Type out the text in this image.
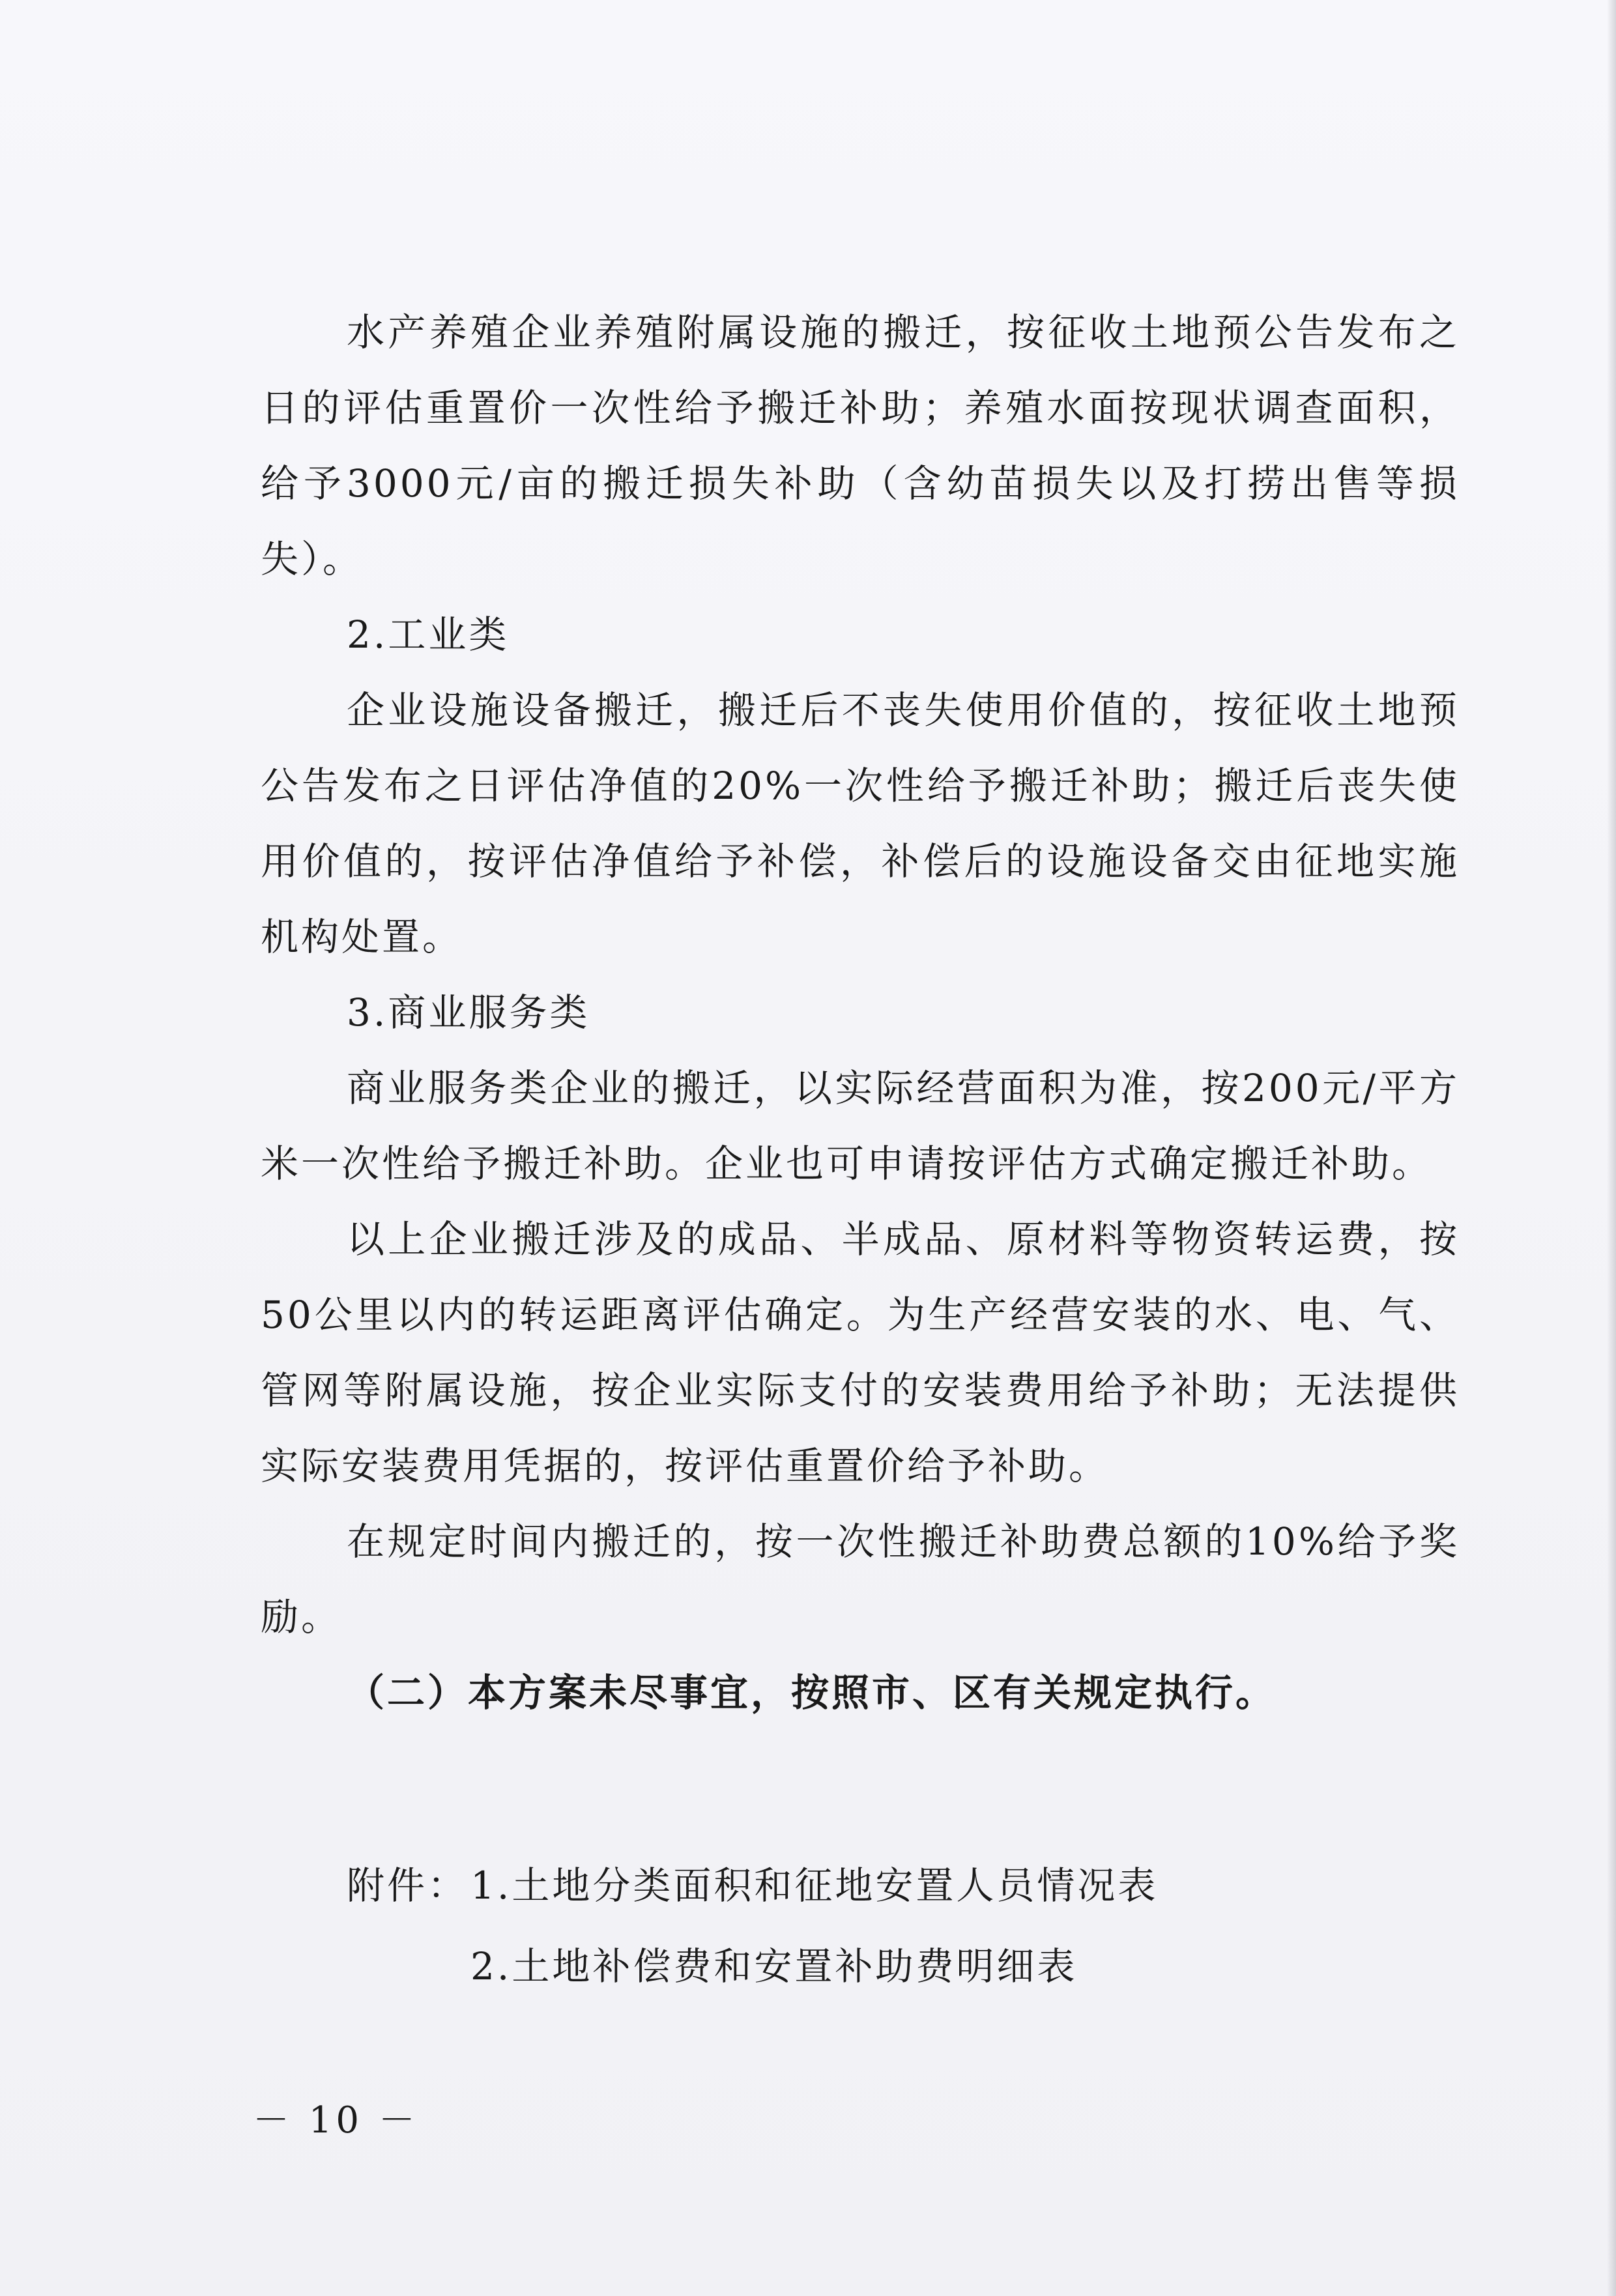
水产养殖企业养殖附属设施的搬迁，按征收土地预公告发布之日的评估重置价一次性给予搬迁补助；养殖水面按现状调查面积，给予3000元/亩的搬迁损失补助（含幼苗损失以及打捞出售等损失）。

2.工业类

企业设施设备搬迁，搬迁后不丧失使用价值的，按征收土地预公告发布之日评估净值的20%一次性给予搬迁补助；搬迁后丧失使用价值的，按评估净值给予补偿，补偿后的设施设备交由征地实施机构处置。

3.商业服务类

商业服务类企业的搬迁，以实际经营面积为准，按200元/平方米一次性给予搬迁补助。企业也可申请按评估方式确定搬迁补助。

以上企业搬迁涉及的成品、半成品、原材料等物资转运费，按50公里以内的转运距离评估确定。为生产经营安装的水、电、气、管网等附属设施，按企业实际支付的安装费用给予补助；无法提供实际安装费用凭据的，按评估重置价给予补助。

在规定时间内搬迁的，按一次性搬迁补助费总额的10%给予奖励。

（二）本方案未尽事宜，按照市、区有关规定执行。

附件： 1.土地分类面积和征地安置人员情况表
2.土地补偿费和安置补助费明细表
－ 10 －
